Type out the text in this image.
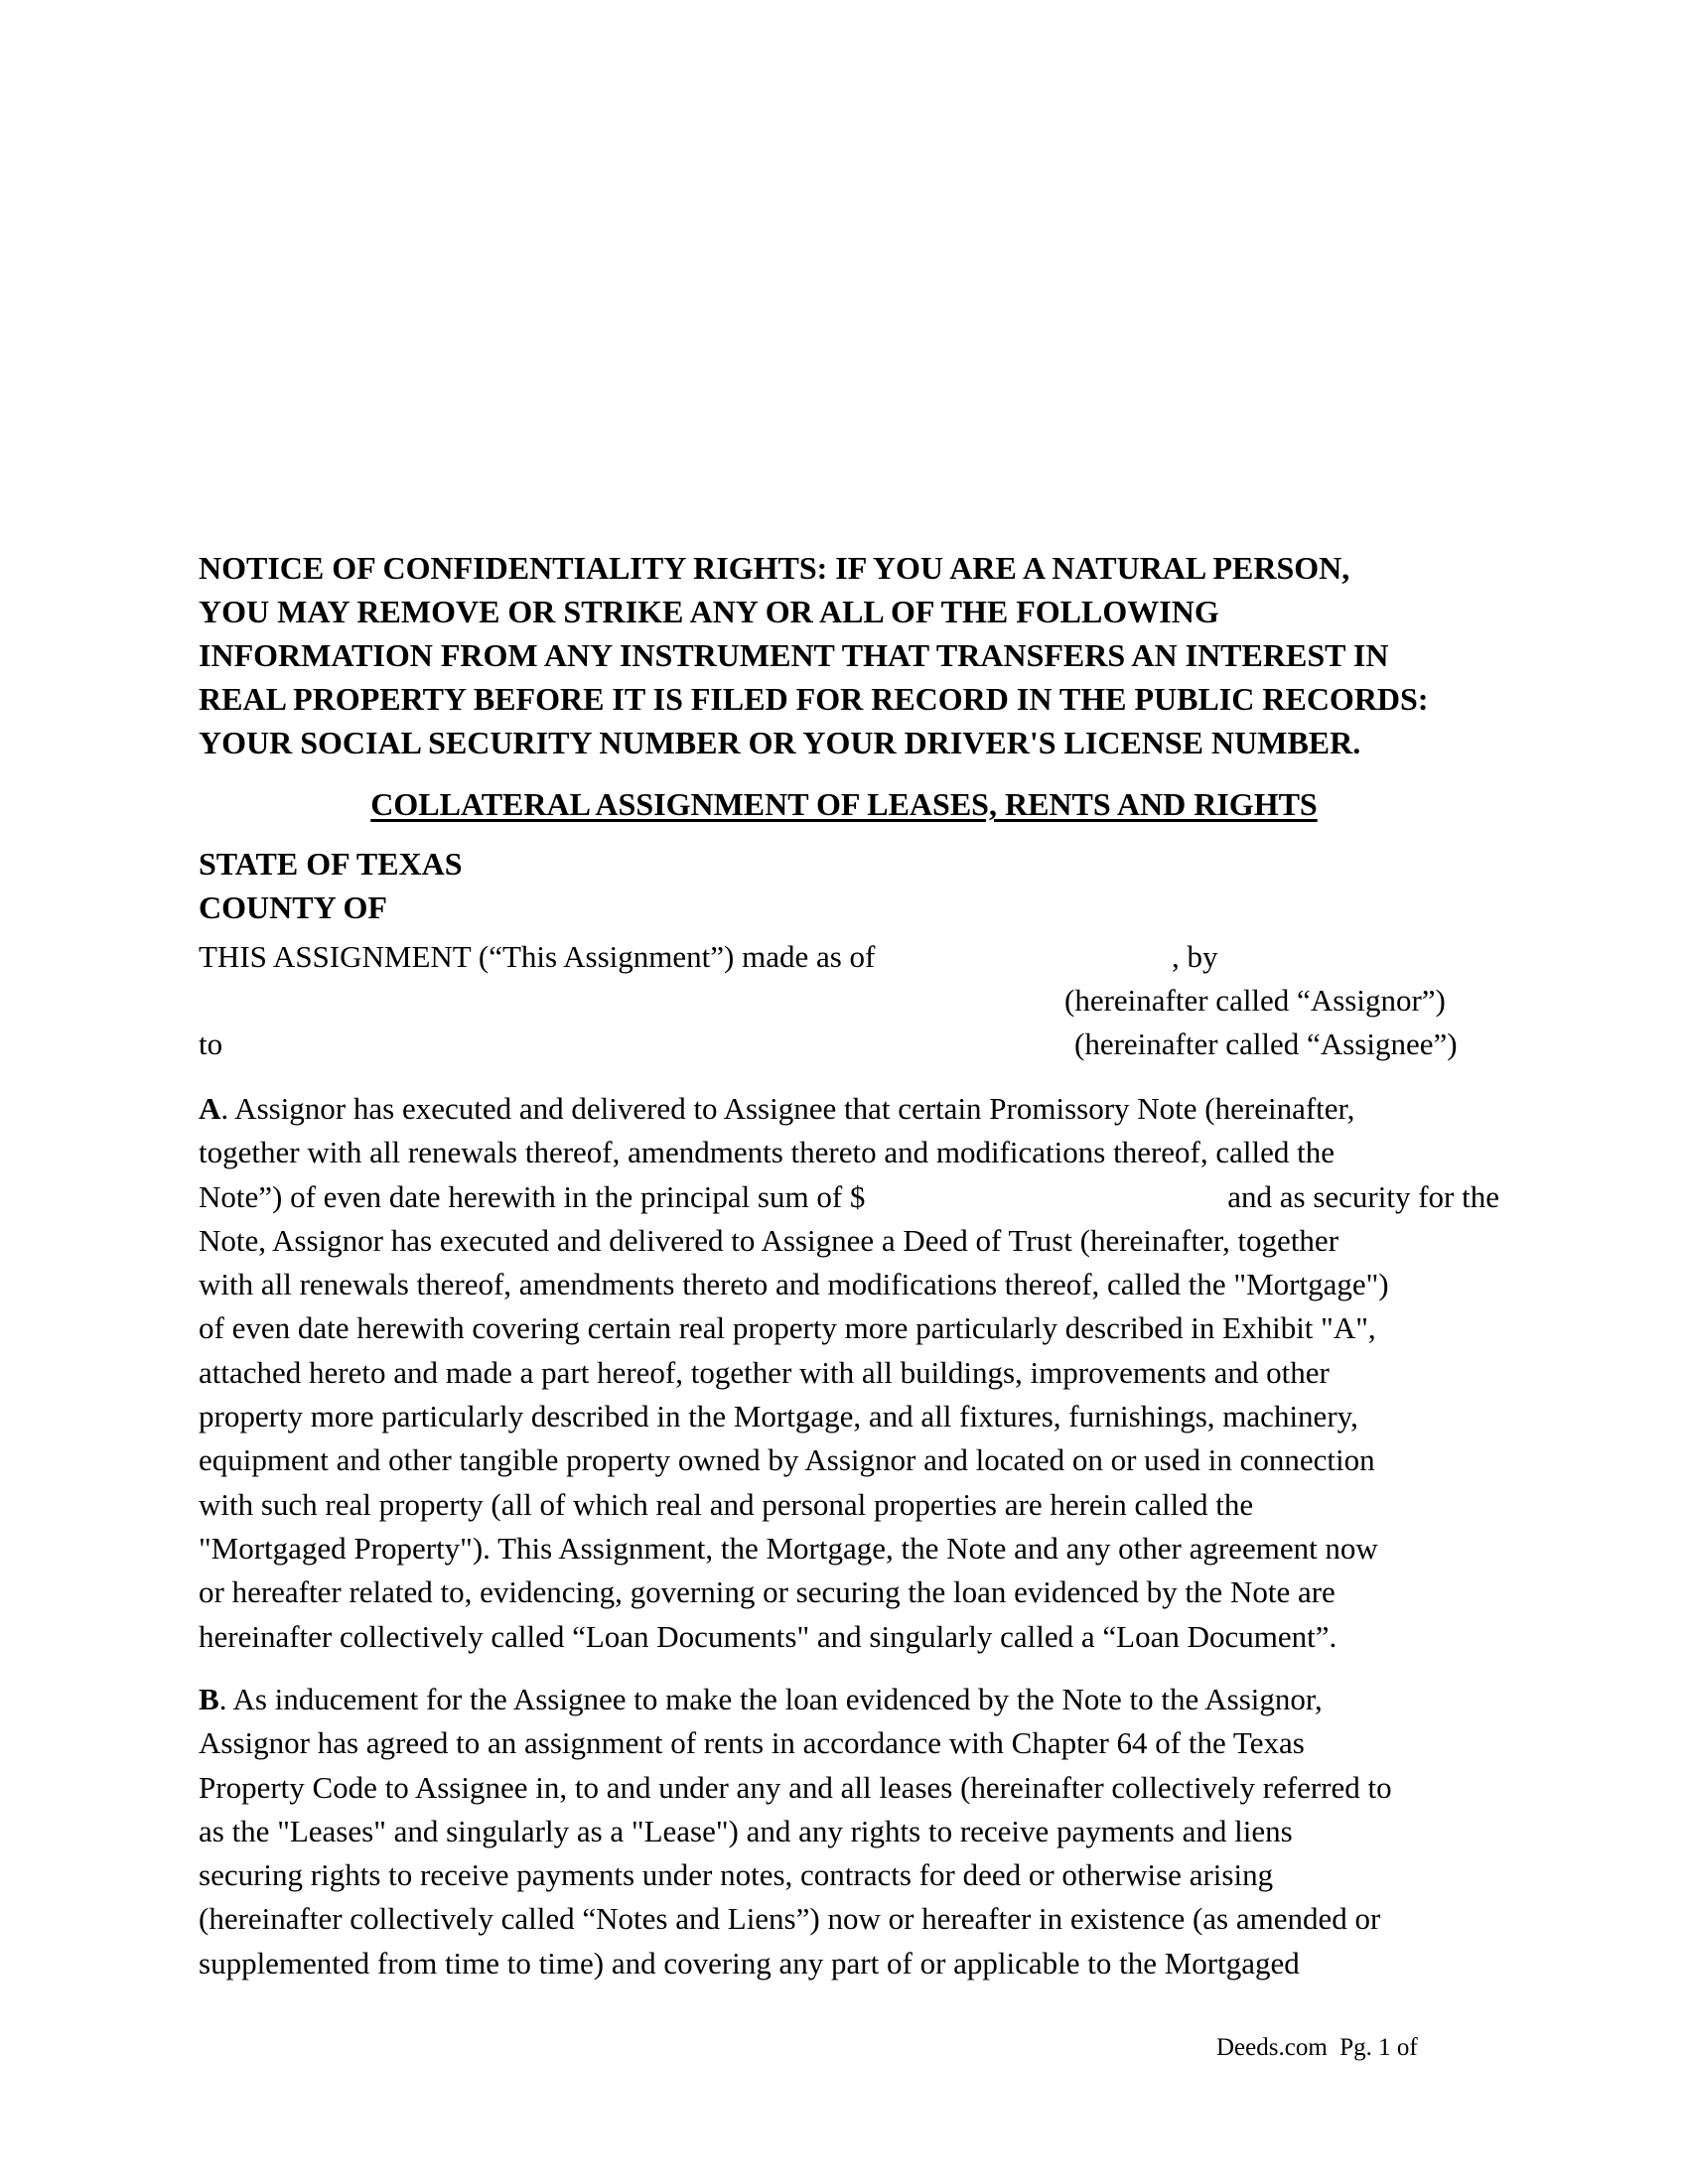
NOTICE OF CONFIDENTIALITY RIGHTS: IF YOU ARE A NATURAL PERSON,
YOU MAY REMOVE OR STRIKE ANY OR ALL OF THE FOLLOWING
INFORMATION FROM ANY INSTRUMENT THAT TRANSFERS AN INTEREST IN
REAL PROPERTY BEFORE IT IS FILED FOR RECORD IN THE PUBLIC RECORDS:
YOUR SOCIAL SECURITY NUMBER OR YOUR DRIVER'S LICENSE NUMBER.
COLLATERAL ASSIGNMENT OF LEASES, RENTS AND RIGHTS
STATE OF TEXAS
COUNTY OF
THIS ASSIGNMENT (“This Assignment”) made as of	, by
(hereinafter called “Assignor”)
to	(hereinafter called “Assignee”)
A . Assignor has executed and delivered to Assignee that certain Promissory Note (hereinafter,
together with all renewals thereof, amendments thereto and modifications thereof, called the
Note”) of even date herewith in the principal sum of $	and as security for the
Note, Assignor has executed and delivered to Assignee a Deed of Trust (hereinafter, together
with all renewals thereof, amendments thereto and modifications thereof, called the "Mortgage")
of even date herewith covering certain real property more particularly described in Exhibit "A",
attached hereto and made a part hereof, together with all buildings, improvements and other
property more particularly described in the Mortgage, and all fixtures, furnishings, machinery,
equipment and other tangible property owned by Assignor and located on or used in connection
with such real property (all of which real and personal properties are herein called the
"Mortgaged Property"). This Assignment, the Mortgage, the Note and any other agreement now
or hereafter related to, evidencing, governing or securing the loan evidenced by the Note are
hereinafter collectively called “Loan Documents" and singularly called a “Loan Document”.
B . As inducement for the Assignee to make the loan evidenced by the Note to the Assignor,
Assignor has agreed to an assignment of rents in accordance with Chapter 64 of the Texas
Property Code to Assignee in, to and under any and all leases (hereinafter collectively referred to
as the "Leases" and singularly as a "Lease") and any rights to receive payments and liens
securing rights to receive payments under notes, contracts for deed or otherwise arising
(hereinafter collectively called “Notes and Liens”) now or hereafter in existence (as amended or
supplemented from time to time) and covering any part of or applicable to the Mortgaged
Deeds.com Pg. 1 of
